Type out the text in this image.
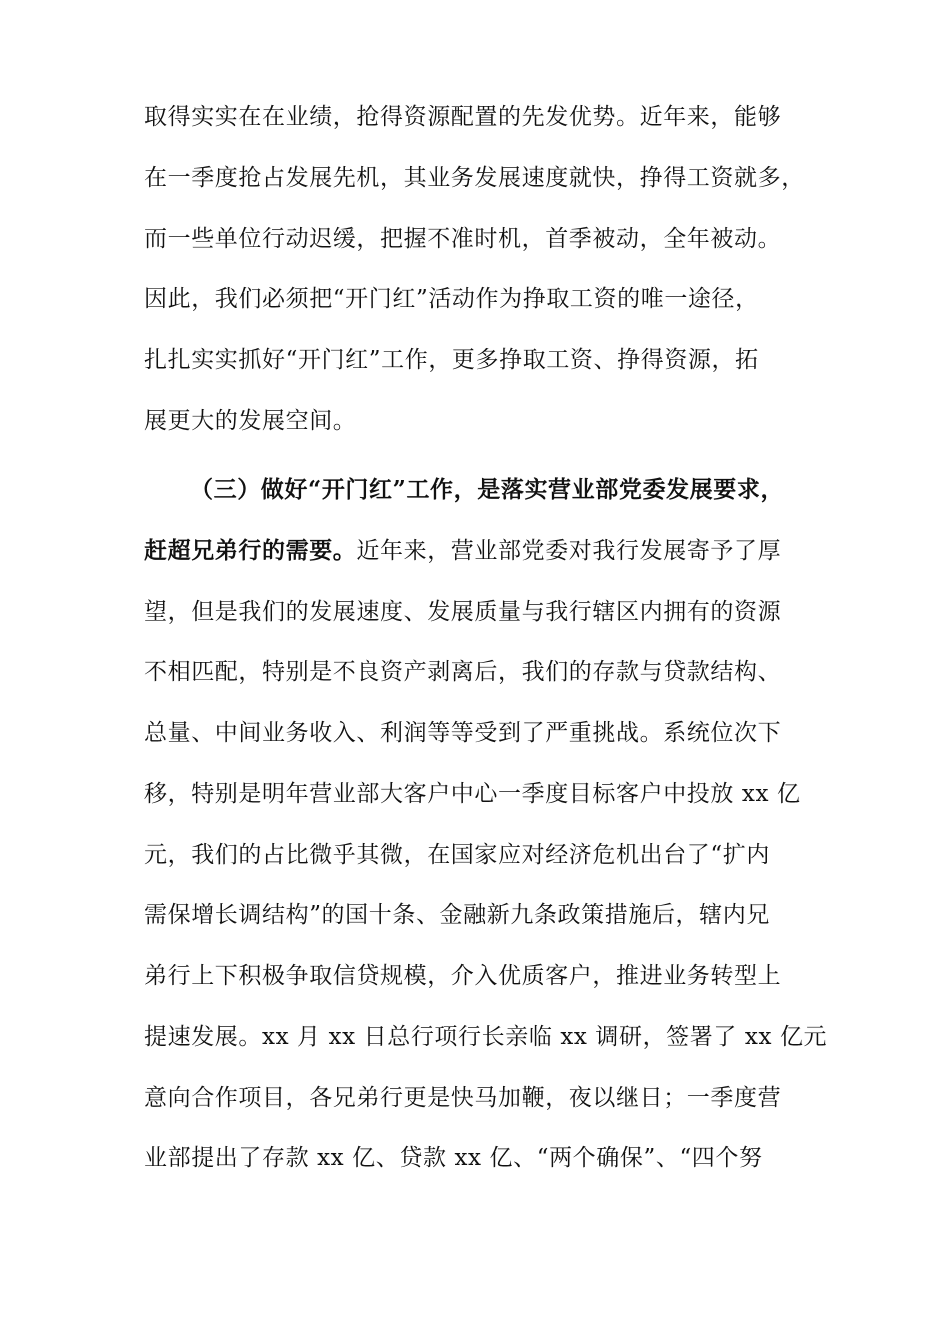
取得实实在在业绩，抢得资源配置的先发优势。近年来，能够
在一季度抢占发展先机，其业务发展速度就快，挣得工资就多，
而一些单位行动迟缓，把握不准时机，首季被动，全年被动。
因此，我们必须把“开门红”活动作为挣取工资的唯一途径，
扎扎实实抓好“开门红”工作，更多挣取工资、挣得资源，拓
展更大的发展空间。
（三）做好“开门红”工作，是落实营业部党委发展要求，
赶超兄弟行的需要。近年来，营业部党委对我行发展寄予了厚
望，但是我们的发展速度、发展质量与我行辖区内拥有的资源
不相匹配，特别是不良资产剥离后，我们的存款与贷款结构、
总量、中间业务收入、利润等等受到了严重挑战。系统位次下
移，特别是明年营业部大客户中心一季度目标客户中投放 xx 亿
元，我们的占比微乎其微，在国家应对经济危机出台了“扩内
需保增长调结构”的国十条、金融新九条政策措施后，辖内兄
弟行上下积极争取信贷规模，介入优质客户，推进业务转型上
提速发展。xx 月 xx 日总行项行长亲临 xx 调研，签署了 xx 亿元
意向合作项目，各兄弟行更是快马加鞭，夜以继日；一季度营
业部提出了存款 xx 亿、贷款 xx 亿、“两个确保”、“四个努
